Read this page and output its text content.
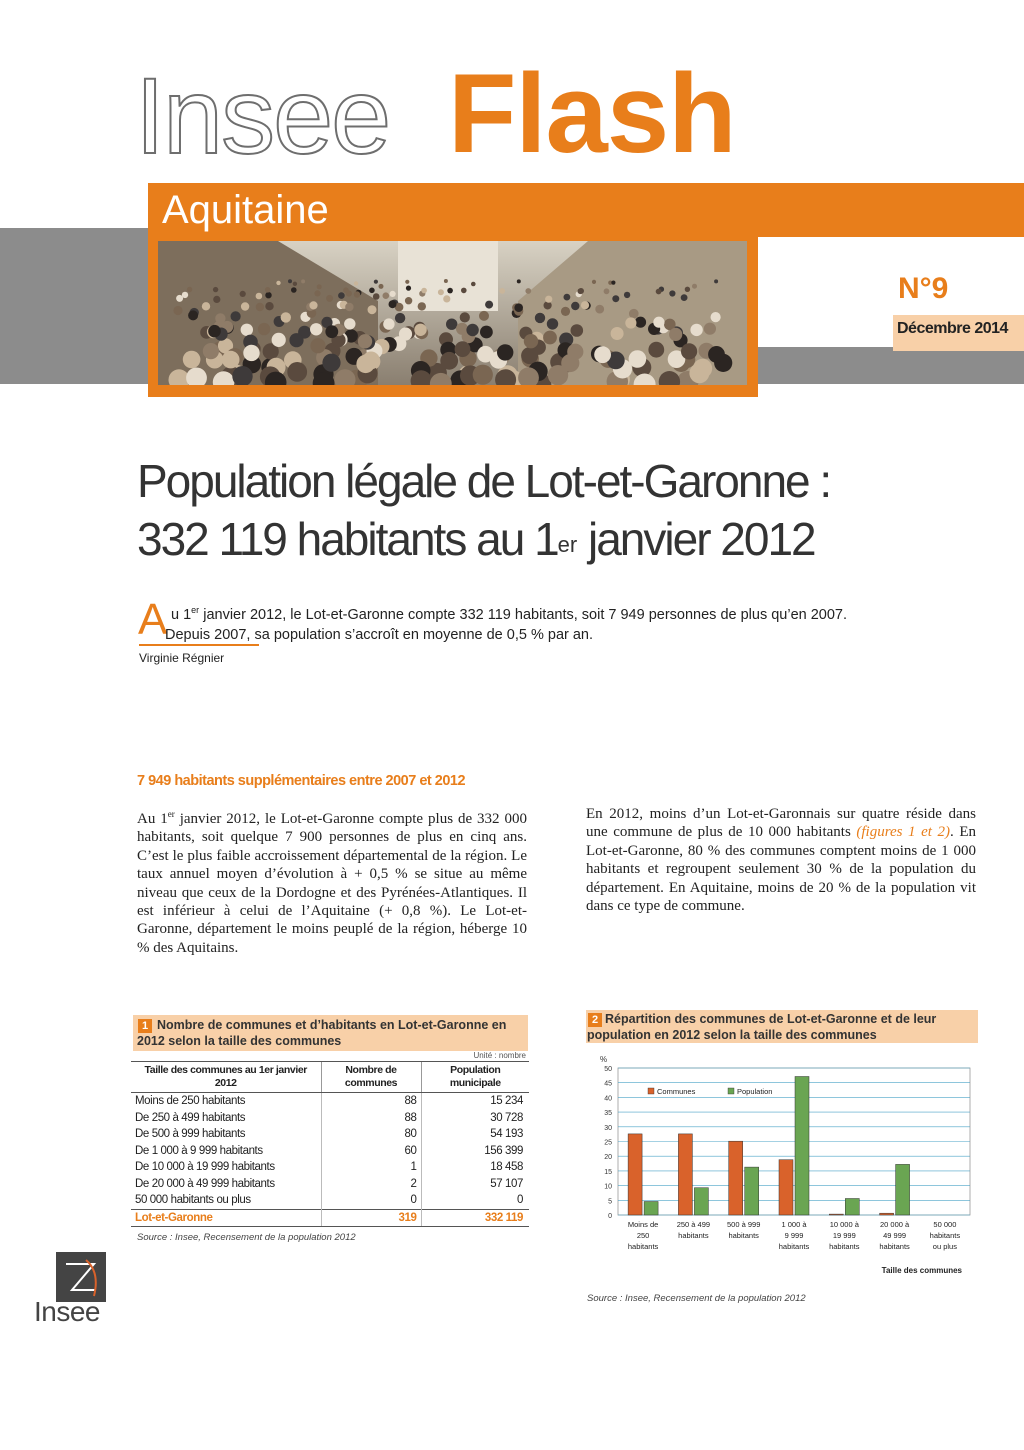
Insee Flash
Aquitaine
N°9
Décembre 2014
Population légale de Lot-et-Garonne :
332 119 habitants au 1er janvier 2012
A u 1er janvier 2012, le Lot-et-Garonne compte 332 119 habitants, soit 7 949 personnes de plus qu’en 2007.
Depuis 2007, sa population s’accroît en moyenne de 0,5 % par an.
Virginie Régnier
7 949 habitants supplémentaires entre 2007 et 2012
Au 1er janvier 2012, le Lot-et-Garonne compte plus de 332 000 habitants, soit quelque 7 900 personnes de plus en cinq ans. C’est le plus faible accroissement départemental de la région. Le taux annuel moyen d’évolution à + 0,5 % se situe au même niveau que ceux de la Dordogne et des Pyrénées-Atlantiques. Il est inférieur à celui de l’Aquitaine (+ 0,8 %). Le Lot-et-Garonne, département le moins peuplé de la région, héberge 10 % des Aquitains.
En 2012, moins d’un Lot-et-Garonnais sur quatre réside dans une commune de plus de 10 000 habitants (figures 1 et 2). En Lot-et-Garonne, 80 % des communes comptent moins de 1 000 habitants et regroupent seulement 30 % de la population du département. En Aquitaine, moins de 20 % de la population vit dans ce type de commune.
Nombre de communes et d’habitants en Lot-et-Garonne en 2012 selon la taille des communes
1
Unité : nombre
Taille des communes au 1er janvier 2012	Nombre de communes	Population municipale
Moins de 250 habitants	88	15 234
De 250 à 499 habitants	88	30 728
De 500 à 999 habitants	80	54 193
De 1 000 à 9 999 habitants	60	156 399
De 10 000 à 19 999 habitants	1	18 458
De 20 000 à 49 999 habitants	2	57 107
50 000 habitants ou plus	0	0
Lot-et-Garonne	319	332 119
Source : Insee, Recensement de la population 2012
Répartition des communes de Lot-et-Garonne et de leur population en 2012 selon la taille des communes
2
0
5
10
15
20
25
30
35
40
45
50
%
Moins de
250
habitants
250 à 499
habitants
500 à 999
habitants
1 000 à
9 999
habitants
10 000 à
19 999
habitants
20 000 à
49 999
habitants
50 000
habitants
ou plus
Taille des communes
Communes	Population
Source : Insee, Recensement de la population 2012
Insee
